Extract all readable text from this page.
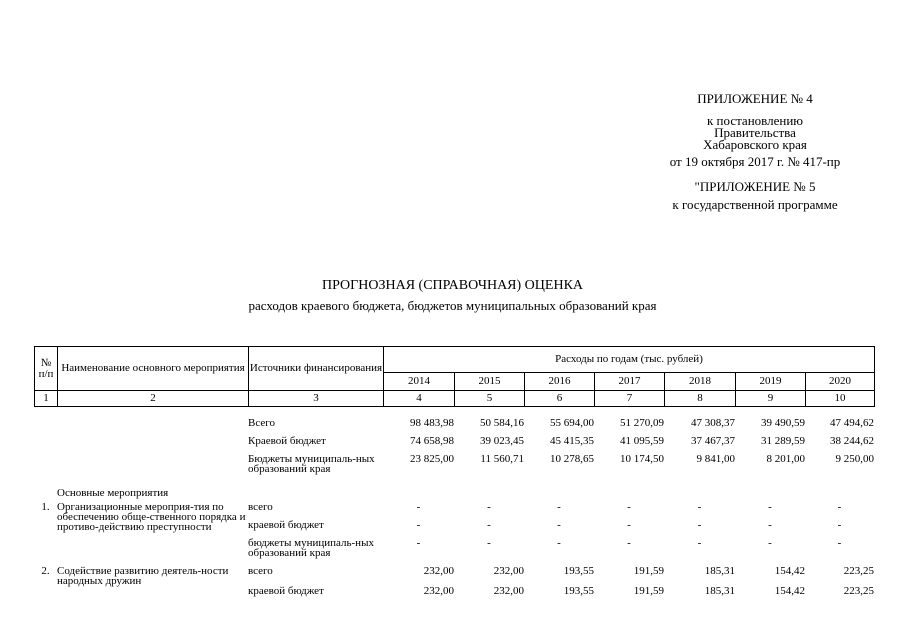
ПРИЛОЖЕНИЕ № 4
к постановлению
Правительства
Хабаровского края
от 19 октября 2017 г. № 417-пр
"ПРИЛОЖЕНИЕ № 5
к государственной программе
ПРОГНОЗНАЯ (СПРАВОЧНАЯ) ОЦЕНКА
расходов краевого бюджета, бюджетов муниципальных образований края
№ п/п	Наименование основного мероприятия	Источники финансирования	Расходы по годам (тыс. рублей)						
			2014	2015	2016	2017	2018	2019	2020
1	2	3	4	5	6	7	8	9	10
		Всего	98 483,98	50 584,16	55 694,00	51 270,09	47 308,37	39 490,59	47 494,62
		Краевой бюджет	74 658,98	39 023,45	45 415,35	41 095,59	37 467,37	31 289,59	38 244,62
		Бюджеты муниципаль-ных образований края	23 825,00	11 560,71	10 278,65	10 174,50	9 841,00	8 201,00	9 250,00
	Основные мероприятия								
1.	Организационные мероприя-тия по обеспечению обще-ственного порядка и противо-действию преступности	всего	-	-	-	-	-	-	-
		краевой бюджет	-	-	-	-	-	-	-
		бюджеты муниципаль-ных образований края	-	-	-	-	-	-	-
2.	Содействие развитию деятель-ности народных дружин	всего	232,00	232,00	193,55	191,59	185,31	154,42	223,25
		краевой бюджет	232,00	232,00	193,55	191,59	185,31	154,42	223,25
